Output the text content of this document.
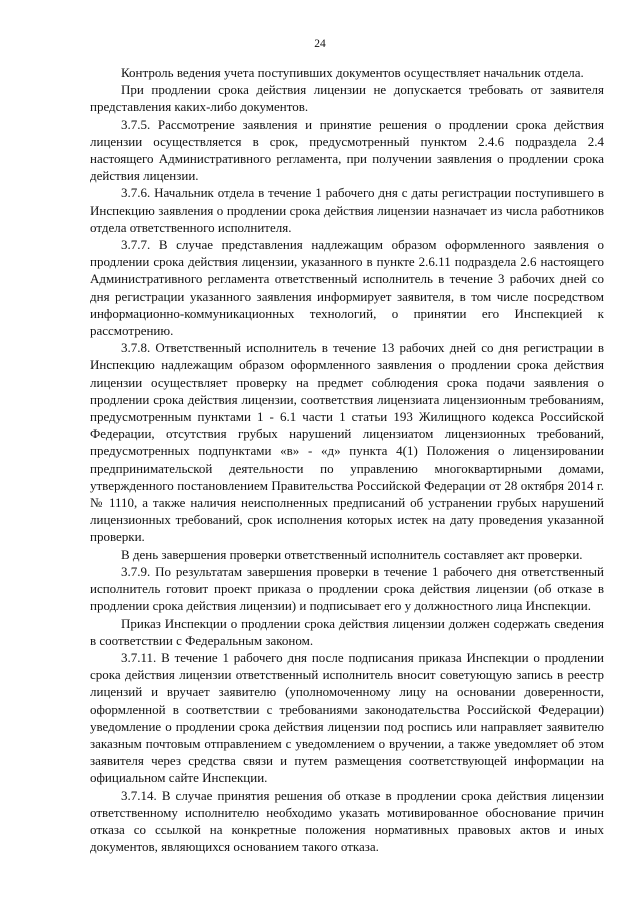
24

Контроль ведения учета поступивших документов осуществляет начальник отдела.

При продлении срока действия лицензии не допускается требовать от заявителя представления каких-либо документов.

3.7.5. Рассмотрение заявления и принятие решения о продлении срока действия лицензии осуществляется в срок, предусмотренный пунктом 2.4.6 подраздела 2.4 настоящего Административного регламента, при получении заявления о продлении срока действия лицензии.

3.7.6. Начальник отдела в течение 1 рабочего дня с даты регистрации поступившего в Инспекцию заявления о продлении срока действия лицензии назначает из числа работников отдела ответственного исполнителя.

3.7.7. В случае представления надлежащим образом оформленного заявления о продлении срока действия лицензии, указанного в пункте 2.6.11 подраздела 2.6 настоящего Административного регламента ответственный исполнитель в течение 3 рабочих дней со дня регистрации указанного заявления информирует заявителя, в том числе посредством информационно-коммуникационных технологий, о принятии его Инспекцией к рассмотрению.

3.7.8. Ответственный исполнитель в течение 13 рабочих дней со дня регистрации в Инспекцию надлежащим образом оформленного заявления о продлении срока действия лицензии осуществляет проверку на предмет соблюдения срока подачи заявления о продлении срока действия лицензии, соответствия лицензиата лицензионным требованиям, предусмотренным пунктами 1 - 6.1 части 1 статьи 193 Жилищного кодекса Российской Федерации, отсутствия грубых нарушений лицензиатом лицензионных требований, предусмотренных подпунктами «в» - «д» пункта 4(1) Положения о лицензировании предпринимательской деятельности по управлению многоквартирными домами, утвержденного постановлением Правительства Российской Федерации от 28 октября 2014 г. № 1110, а также наличия неисполненных предписаний об устранении грубых нарушений лицензионных требований, срок исполнения которых истек на дату проведения указанной проверки.

В день завершения проверки ответственный исполнитель составляет акт проверки.

3.7.9. По результатам завершения проверки в течение 1 рабочего дня ответственный исполнитель готовит проект приказа о продлении срока действия лицензии (об отказе в продлении срока действия лицензии) и подписывает его у должностного лица Инспекции.

Приказ Инспекции о продлении срока действия лицензии должен содержать сведения в соответствии с Федеральным законом.

3.7.11. В течение 1 рабочего дня после подписания приказа Инспекции о продлении срока действия лицензии ответственный исполнитель вносит советующую запись в реестр лицензий и вручает заявителю (уполномоченному лицу на основании доверенности, оформленной в соответствии с требованиями законодательства Российской Федерации) уведомление о продлении срока действия лицензии под роспись или направляет заявителю заказным почтовым отправлением с уведомлением о вручении, а также уведомляет об этом заявителя через средства связи и путем размещения соответствующей информации на официальном сайте Инспекции.

3.7.14. В случае принятия решения об отказе в продлении срока действия лицензии ответственному исполнителю необходимо указать мотивированное обоснование причин отказа со ссылкой на конкретные положения нормативных правовых актов и иных документов, являющихся основанием такого отказа.
